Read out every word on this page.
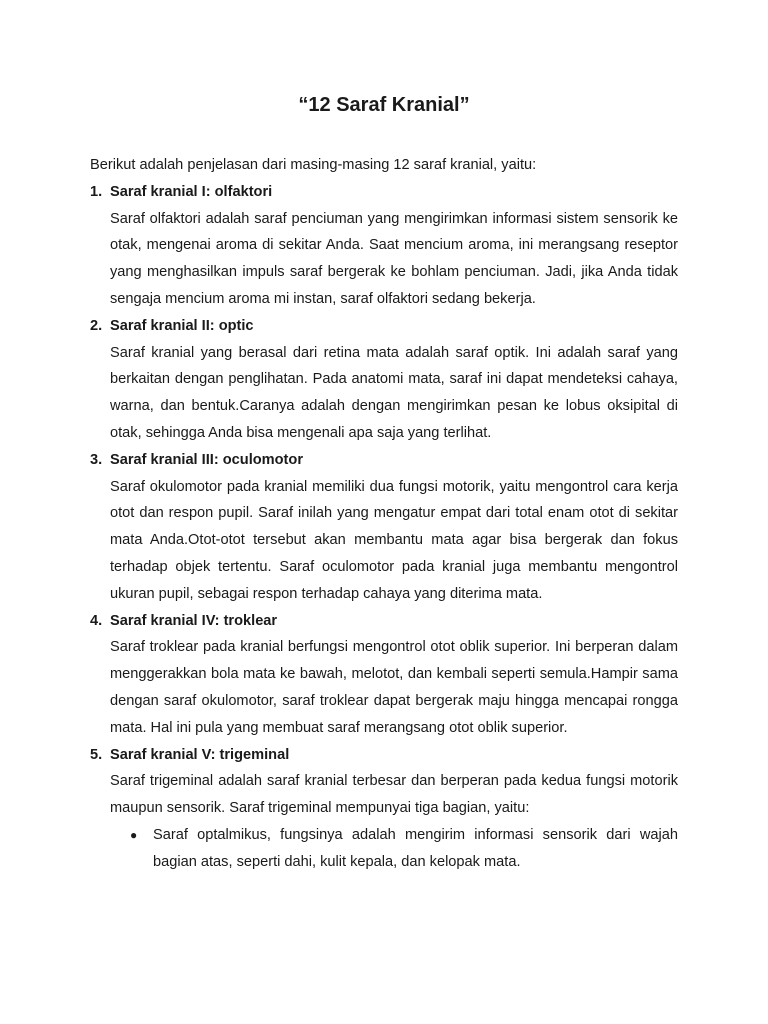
“12 Saraf Kranial”

Berikut adalah penjelasan dari masing-masing 12 saraf kranial, yaitu:

1. Saraf kranial I: olfaktori

Saraf olfaktori adalah saraf penciuman yang mengirimkan informasi sistem sensorik ke otak, mengenai aroma di sekitar Anda. Saat mencium aroma, ini merangsang reseptor yang menghasilkan impuls saraf bergerak ke bohlam penciuman. Jadi, jika Anda tidak sengaja mencium aroma mi instan, saraf olfaktori sedang bekerja.

2. Saraf kranial II: optic

Saraf kranial yang berasal dari retina mata adalah saraf optik. Ini adalah saraf yang berkaitan dengan penglihatan. Pada anatomi mata, saraf ini dapat mendeteksi cahaya, warna, dan bentuk.Caranya adalah dengan mengirimkan pesan ke lobus oksipital di otak, sehingga Anda bisa mengenali apa saja yang terlihat.

3. Saraf kranial III: oculomotor

Saraf okulomotor pada kranial memiliki dua fungsi motorik, yaitu mengontrol cara kerja otot dan respon pupil. Saraf inilah yang mengatur empat dari total enam otot di sekitar mata Anda.Otot-otot tersebut akan membantu mata agar bisa bergerak dan fokus terhadap objek tertentu. Saraf oculomotor pada kranial juga membantu mengontrol ukuran pupil, sebagai respon terhadap cahaya yang diterima mata.

4. Saraf kranial IV: troklear

Saraf troklear pada kranial berfungsi mengontrol otot oblik superior. Ini berperan dalam menggerakkan bola mata ke bawah, melotot, dan kembali seperti semula.Hampir sama dengan saraf okulomotor, saraf troklear dapat bergerak maju hingga mencapai rongga mata. Hal ini pula yang membuat saraf merangsang otot oblik superior.

5. Saraf kranial V: trigeminal

Saraf trigeminal adalah saraf kranial terbesar dan berperan pada kedua fungsi motorik maupun sensorik. Saraf trigeminal mempunyai tiga bagian, yaitu:

● Saraf optalmikus, fungsinya adalah mengirim informasi sensorik dari wajah bagian atas, seperti dahi, kulit kepala, dan kelopak mata.
